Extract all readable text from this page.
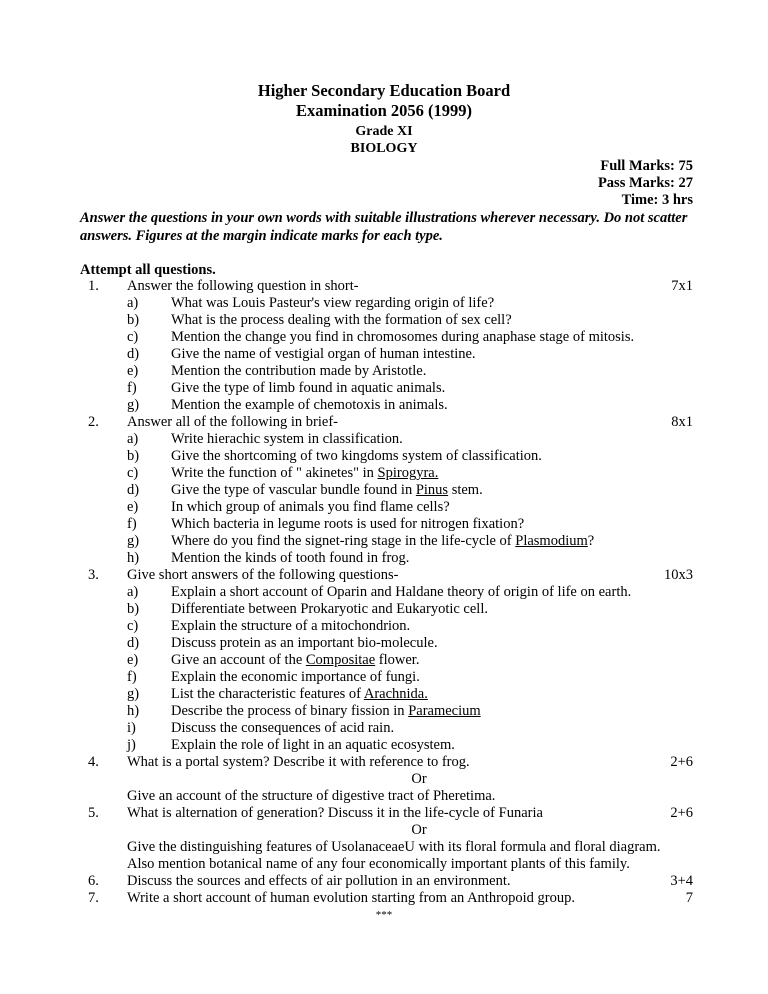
Higher Secondary Education Board
Examination 2056 (1999)
Grade XI
BIOLOGY
Full Marks: 75
Pass Marks: 27
Time: 3 hrs
Answer the questions in your own words with suitable illustrations wherever necessary. Do not scatter answers. Figures at the margin indicate marks for each type.
Attempt all questions.
1. Answer the following question in short-	7x1
a) What was Louis Pasteur's view regarding origin of life?
b) What is the process dealing with the formation of sex cell?
c) Mention the change you find in chromosomes during anaphase stage of mitosis.
d) Give the name of vestigial organ of human intestine.
e) Mention the contribution made by Aristotle.
f) Give the type of limb found in aquatic animals.
g) Mention the example of chemotoxis in animals.
2. Answer all of the following in brief-	8x1
a) Write hierachic system in classification.
b) Give the shortcoming of two kingdoms system of classification.
c) Write the function of " akinetes" in Spirogyra.
d) Give the type of vascular bundle found in Pinus stem.
e) In which group of animals you find flame cells?
f) Which bacteria in legume roots is used for nitrogen fixation?
g) Where do you find the signet-ring stage in the life-cycle of Plasmodium?
h) Mention the kinds of tooth found in frog.
3. Give short answers of the following questions-	10x3
a) Explain a short account of Oparin and Haldane theory of origin of life on earth.
b) Differentiate between Prokaryotic and Eukaryotic cell.
c) Explain the structure of a mitochondrion.
d) Discuss protein as an important bio-molecule.
e) Give an account of the Compositae flower.
f) Explain the economic importance of fungi.
g) List the characteristic features of Arachnida.
h) Describe the process of binary fission in Paramecium
i) Discuss the consequences of acid rain.
j) Explain the role of light in an aquatic ecosystem.
4. What is a portal system? Describe it with reference to frog.	2+6
Or
Give an account of the structure of digestive tract of Pheretima.
5. What is alternation of generation? Discuss it in the life-cycle of Funaria	2+6
Or
Give the distinguishing features of UsolanaceaeU with its floral formula and floral diagram.
Also mention botanical name of any four economically important plants of this family.
6. Discuss the sources and effects of air pollution in an environment.	3+4
7. Write a short account of human evolution starting from an Anthropoid group.	7
***
